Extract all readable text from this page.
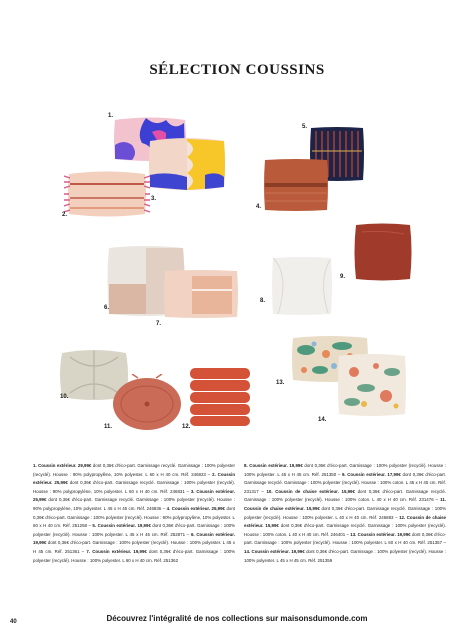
SÉLECTION COUSSINS
1.
3.
2.
5.
4.
9.
6.
7.
8.
10.
11.	12.
13.
14.
1. Coussin extérieur. 29,99€ dont 0,36€ d'éco-part. Garnissage recyclé. Garnissage : 100% polyester (recyclé). Housse : 90% polypropylène, 10% polyester. L 60 x H 40 cm. Réf. 246823 – 2. Coussin extérieur. 25,99€ dont 0,36€ d'éco-part. Garnissage recyclé. Garnissage : 100% polyester (recyclé). Housse : 90% polypropylène, 10% polyester. L 60 x H 40 cm. Réf. 246831 – 3. Coussin extérieur. 25,99€ dont 0,36€ d'éco-part. Garnissage recyclé. Garnissage : 100% polyester (recyclé). Housse : 90% polypropylène, 10% polyester. L 45 x H 45 cm. Réf. 246836 – 4. Coussin extérieur. 25,99€ dont 0,36€ d'éco-part. Garnissage : 100% polyester (recyclé). Housse : 90% polypropylène, 10% polyester. L 60 x H 40 cm. Réf. 251258 – 5. Coussin extérieur. 19,99€ dont 0,36€ d'éco-part. Garnissage : 100% polyester (recyclé). Housse : 100% polyester. L 45 x H 45 cm. Réf. 252871 – 6. Coussin extérieur. 19,99€ dont 0,36€ d'éco-part. Garnissage : 100% polyester (recyclé). Housse : 100% polyester. L 45 x H 45 cm. Réf. 251361 – 7. Coussin extérieur. 19,99€ dont 0,36€ d'éco-part. Garnissage : 100% polyester (recyclé). Housse : 100% polyester. L 60 x H 40 cm. Réf. 251362
8. Coussin extérieur. 19,99€ dont 0,36€ d'éco-part. Garnissage : 100% polyester (recyclé). Housse : 100% polyester. L 45 x H 45 cm. Réf. 251350 – 9. Coussin extérieur. 17,99€ dont 0,36€ d'éco-part. Garnissage recyclé. Garnissage : 100% polyester (recyclé). Housse : 100% coton. L 45 x H 45 cm. Réf. 231317 – 10. Coussin de chaise extérieur. 15,99€ dont 0,36€ d'éco-part. Garnissage recyclé. Garnissage : 100% polyester (recyclé). Housse : 100% coton. L 40 x H 40 cm. Réf. 231476 – 11. Coussin de chaise extérieur. 15,99€ dont 0,36€ d'éco-part. Garnissage recyclé. Garnissage : 100% polyester (recyclé). Housse : 100% polyester. L 40 x H 40 cm. Réf. 246883 – 12. Coussin de chaise extérieur. 15,99€ dont 0,36€ d'éco-part. Garnissage recyclé. Garnissage : 100% polyester (recyclé). Housse : 100% coton. L 40 x H 40 cm. Réf. 246401 – 13. Coussin extérieur. 19,99€ dont 0,36€ d'éco-part. Garnissage : 100% polyester (recyclé). Housse : 100% polyester. L 60 x H 40 cm. Réf. 251357 – 14. Coussin extérieur. 19,99€ dont 0,36€ d'éco-part. Garnissage : 100% polyester (recyclé). Housse : 100% polyester. L 45 x H 45 cm. Réf. 251359
40	Découvrez l'intégralité de nos collections sur maisonsdumonde.com
